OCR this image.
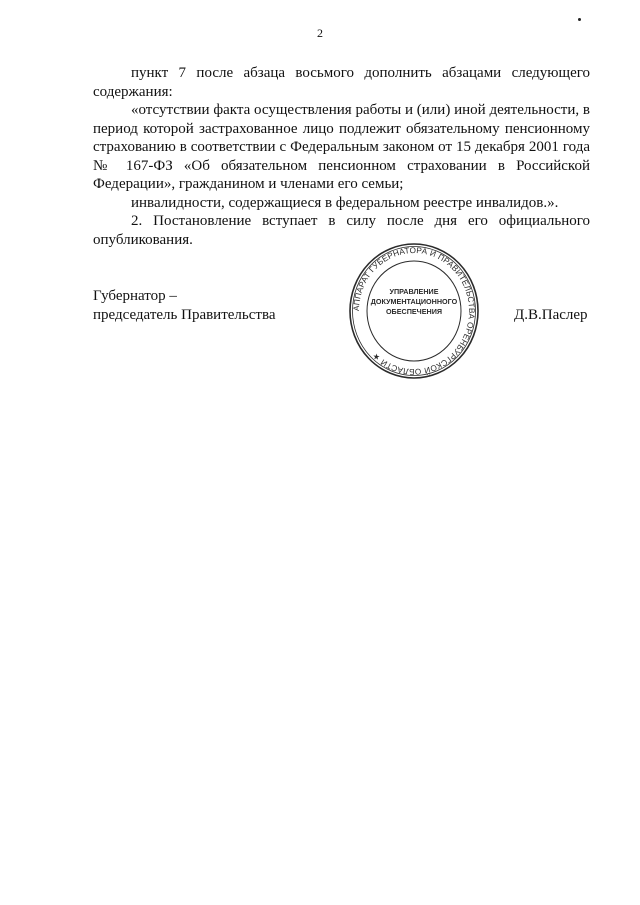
2

пункт 7 после абзаца восьмого дополнить абзацами следующего содержания:

«отсутствии факта осуществления работы и (или) иной деятельности, в период которой застрахованное лицо подлежит обязательному пенсионному страхованию в соответствии с Федеральным законом от 15 декабря 2001 года № 167-ФЗ «Об обязательном пенсионном страховании в Российской Федерации», гражданином и членами его семьи;

инвалидности, содержащиеся в федеральном реестре инвалидов.».

2. Постановление вступает в силу после дня его официального опубликования.

Губернатор –
председатель Правительства	АППАРАТ ГУБЕРНАТОРА И ПРАВИТЕЛЬСТВА ОРЕНБУРГСКОЙ ОБЛАСТИ ★
УПРАВЛЕНИЕ
ДОКУМЕНТАЦИОННОГО
ОБЕСПЕЧЕНИЯ	Д.В.Паслер
